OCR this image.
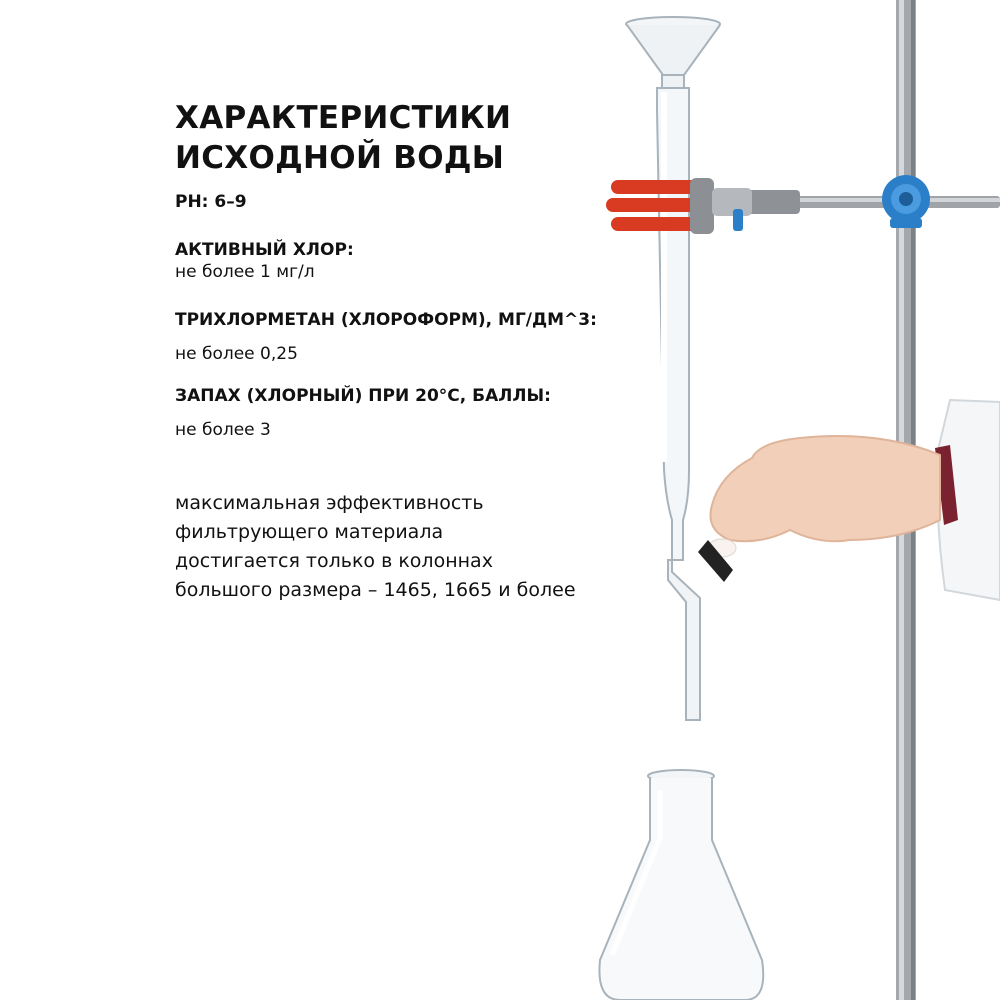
ХАРАКТЕРИСТИКИ
ИСХОДНОЙ ВОДЫ
PH: 6–9
АКТИВНЫЙ ХЛОР:
не более 1 мг/л
ТРИХЛОРМЕТАН (ХЛОРОФОРМ), МГ/ДМ^3:
не более 0,25
ЗАПАХ (ХЛОРНЫЙ) ПРИ 20°С, БАЛЛЫ:
не более 3
максимальная эффективность
фильтрующего материала
достигается только в колоннах
большого размера – 1465, 1665 и более
